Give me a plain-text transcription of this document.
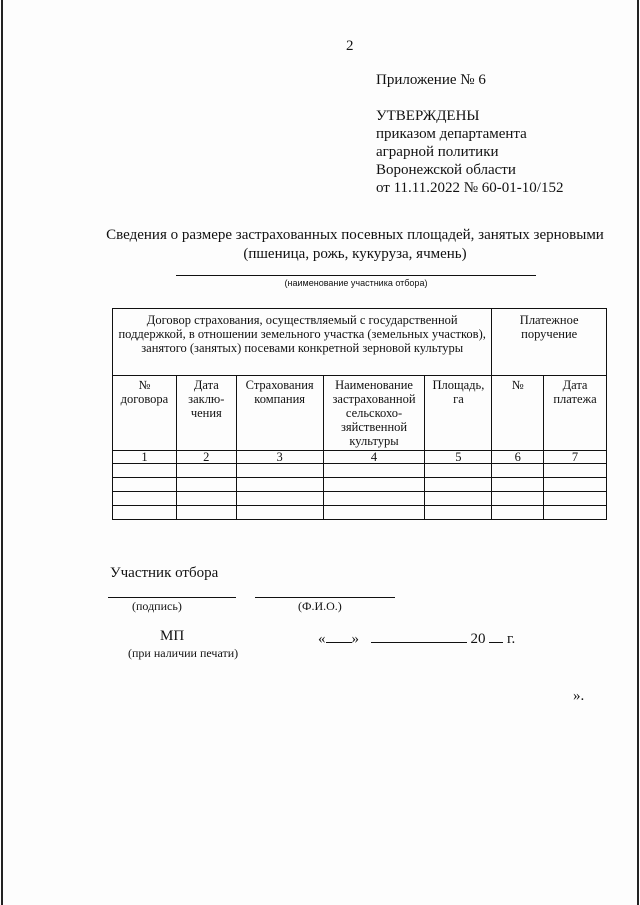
2
Приложение № 6
УТВЕРЖДЕНЫ
приказом департамента
аграрной политики
Воронежской области
от 11.11.2022 № 60-01-10/152
Сведения о размере застрахованных посевных площадей, занятых зерновыми (пшеница, рожь, кукуруза, ячмень)
(наименование участника отбора)
Договор страхования, осуществляемый с государственной поддержкой, в отношении земельного участка (земельных участков), занятого (занятых) посевами конкретной зерновой культуры					Платежное поручение	
№ договора	Дата заклю-чения	Страхования компания	Наименование застрахованной сельскохо-зяйственной культуры	Площадь, га	№	Дата платежа
1	2	3	4	5	6	7

Участник отбора
(подпись)	(Ф.И.О.)
МП
(при наличии печати)
« »	20 г.
».
